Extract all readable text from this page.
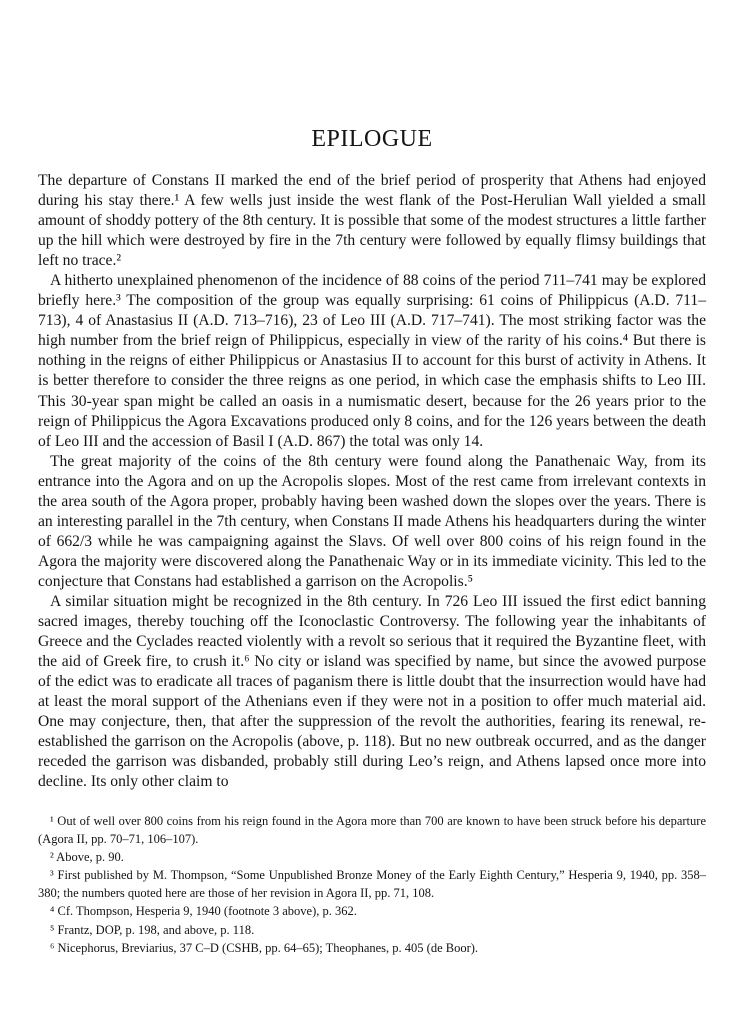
EPILOGUE

The departure of Constans II marked the end of the brief period of prosperity that Athens had enjoyed during his stay there.¹ A few wells just inside the west flank of the Post-Herulian Wall yielded a small amount of shoddy pottery of the 8th century. It is possible that some of the modest structures a little farther up the hill which were destroyed by fire in the 7th century were followed by equally flimsy buildings that left no trace.²

A hitherto unexplained phenomenon of the incidence of 88 coins of the period 711–741 may be explored briefly here.³ The composition of the group was equally surprising: 61 coins of Philippicus (A.D. 711–713), 4 of Anastasius II (A.D. 713–716), 23 of Leo III (A.D. 717–741). The most striking factor was the high number from the brief reign of Philippicus, especially in view of the rarity of his coins.⁴ But there is nothing in the reigns of either Philippicus or Anastasius II to account for this burst of activity in Athens. It is better therefore to consider the three reigns as one period, in which case the emphasis shifts to Leo III. This 30-year span might be called an oasis in a numismatic desert, because for the 26 years prior to the reign of Philippicus the Agora Excavations produced only 8 coins, and for the 126 years between the death of Leo III and the accession of Basil I (A.D. 867) the total was only 14.

The great majority of the coins of the 8th century were found along the Panathenaic Way, from its entrance into the Agora and on up the Acropolis slopes. Most of the rest came from irrelevant contexts in the area south of the Agora proper, probably having been washed down the slopes over the years. There is an interesting parallel in the 7th century, when Constans II made Athens his headquarters during the winter of 662/3 while he was campaigning against the Slavs. Of well over 800 coins of his reign found in the Agora the majority were discovered along the Panathenaic Way or in its immediate vicinity. This led to the conjecture that Constans had established a garrison on the Acropolis.⁵

A similar situation might be recognized in the 8th century. In 726 Leo III issued the first edict banning sacred images, thereby touching off the Iconoclastic Controversy. The following year the inhabitants of Greece and the Cyclades reacted violently with a revolt so serious that it required the Byzantine fleet, with the aid of Greek fire, to crush it.⁶ No city or island was specified by name, but since the avowed purpose of the edict was to eradicate all traces of paganism there is little doubt that the insurrection would have had at least the moral support of the Athenians even if they were not in a position to offer much material aid. One may conjecture, then, that after the suppression of the revolt the authorities, fearing its renewal, re-established the garrison on the Acropolis (above, p. 118). But no new outbreak occurred, and as the danger receded the garrison was disbanded, probably still during Leo’s reign, and Athens lapsed once more into decline. Its only other claim to

¹ Out of well over 800 coins from his reign found in the Agora more than 700 are known to have been struck before his departure (Agora II, pp. 70–71, 106–107).

² Above, p. 90.

³ First published by M. Thompson, “Some Unpublished Bronze Money of the Early Eighth Century,” Hesperia 9, 1940, pp. 358–380; the numbers quoted here are those of her revision in Agora II, pp. 71, 108.

⁴ Cf. Thompson, Hesperia 9, 1940 (footnote 3 above), p. 362.

⁵ Frantz, DOP, p. 198, and above, p. 118.

⁶ Nicephorus, Breviarius, 37 C–D (CSHB, pp. 64–65); Theophanes, p. 405 (de Boor).
